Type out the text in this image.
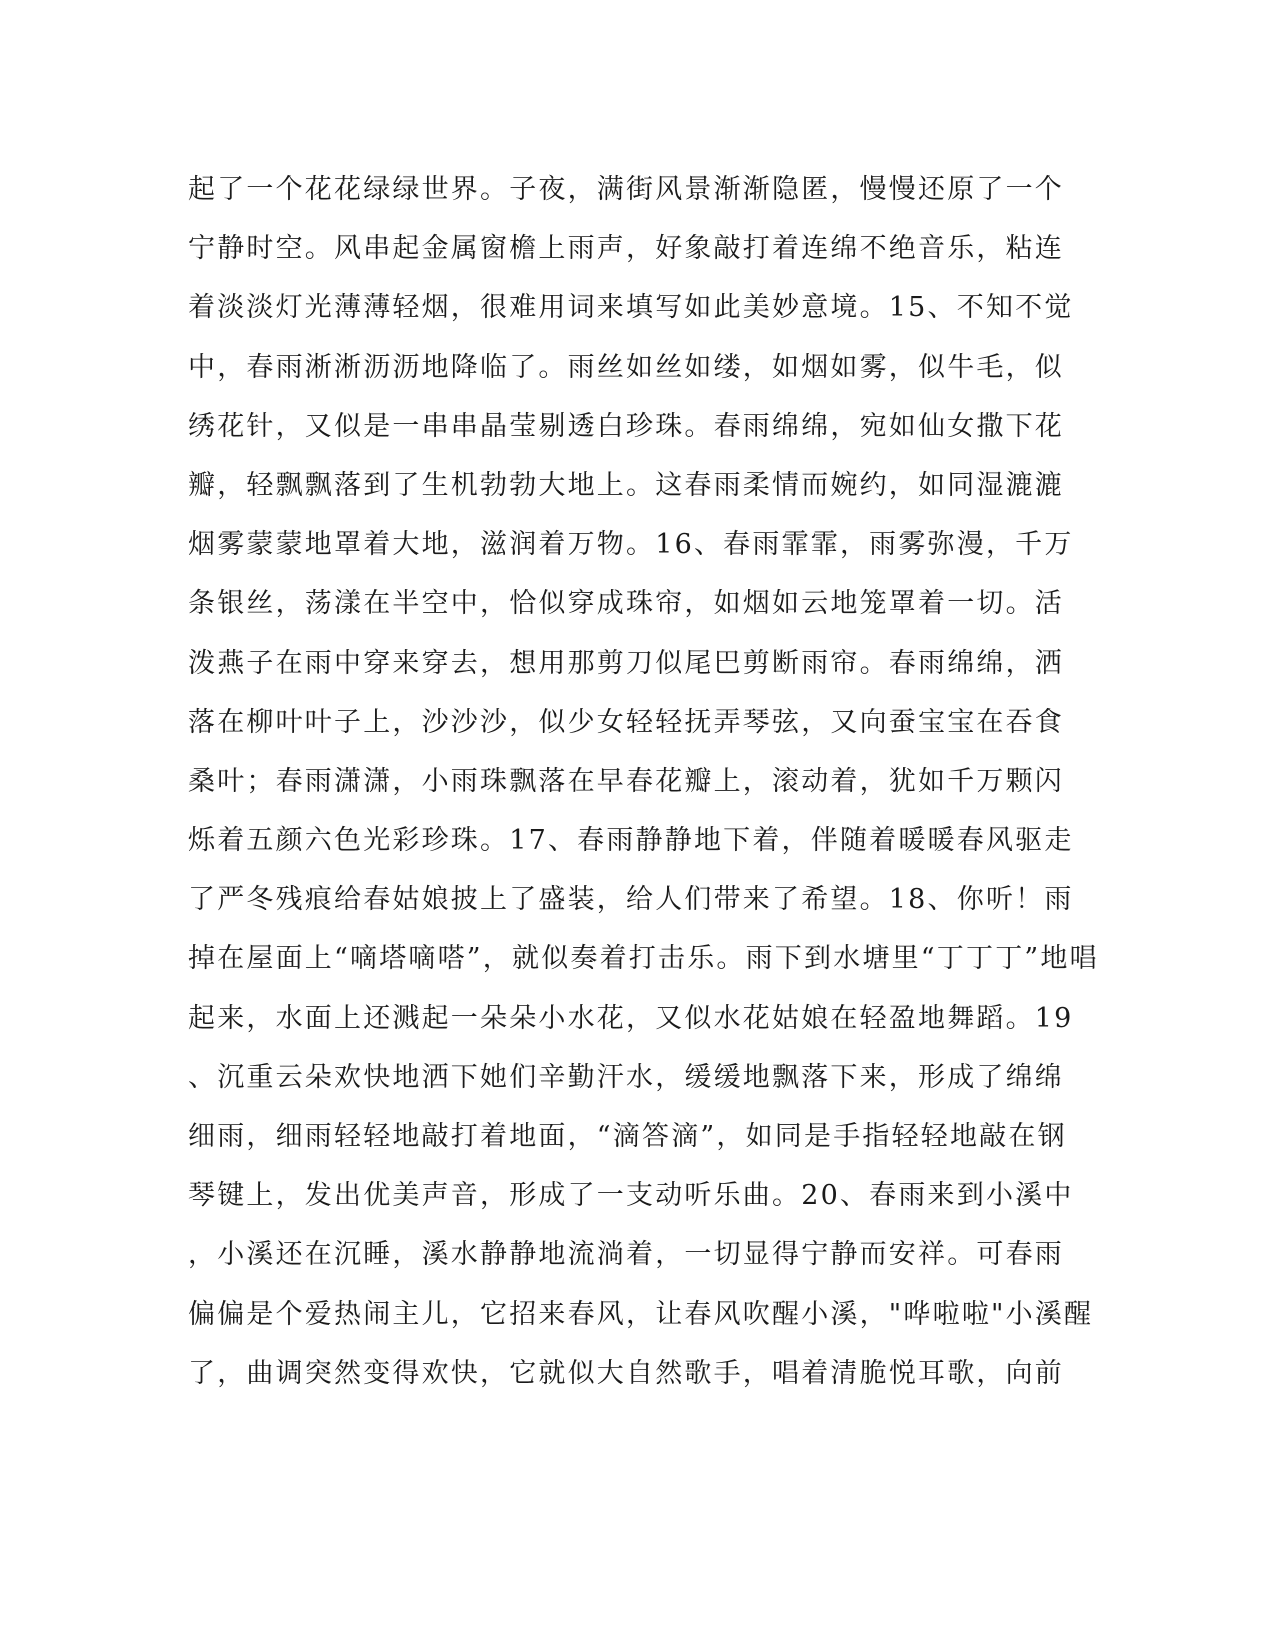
起了一个花花绿绿世界。子夜，满街风景渐渐隐匿，慢慢还原了一个
宁静时空。风串起金属窗檐上雨声，好象敲打着连绵不绝音乐，粘连
着淡淡灯光薄薄轻烟，很难用词来填写如此美妙意境。15、不知不觉
中，春雨淅淅沥沥地降临了。雨丝如丝如缕，如烟如雾，似牛毛，似
绣花针，又似是一串串晶莹剔透白珍珠。春雨绵绵，宛如仙女撒下花
瓣，轻飘飘落到了生机勃勃大地上。这春雨柔情而婉约，如同湿漉漉
烟雾蒙蒙地罩着大地，滋润着万物。16、春雨霏霏，雨雾弥漫，千万
条银丝，荡漾在半空中，恰似穿成珠帘，如烟如云地笼罩着一切。活
泼燕子在雨中穿来穿去，想用那剪刀似尾巴剪断雨帘。春雨绵绵，洒
落在柳叶叶子上，沙沙沙，似少女轻轻抚弄琴弦，又向蚕宝宝在吞食
桑叶；春雨潇潇，小雨珠飘落在早春花瓣上，滚动着，犹如千万颗闪
烁着五颜六色光彩珍珠。17、春雨静静地下着，伴随着暖暖春风驱走
了严冬残痕给春姑娘披上了盛装，给人们带来了希望。18、你听！雨
掉在屋面上“嘀塔嘀嗒”，就似奏着打击乐。雨下到水塘里“丁丁丁”地唱
起来，水面上还溅起一朵朵小水花，又似水花姑娘在轻盈地舞蹈。19
、沉重云朵欢快地洒下她们辛勤汗水，缓缓地飘落下来，形成了绵绵
细雨，细雨轻轻地敲打着地面，“滴答滴”，如同是手指轻轻地敲在钢
琴键上，发出优美声音，形成了一支动听乐曲。20、春雨来到小溪中
，小溪还在沉睡，溪水静静地流淌着，一切显得宁静而安祥。可春雨
偏偏是个爱热闹主儿，它招来春风，让春风吹醒小溪，"哗啦啦"小溪醒
了，曲调突然变得欢快，它就似大自然歌手，唱着清脆悦耳歌，向前
